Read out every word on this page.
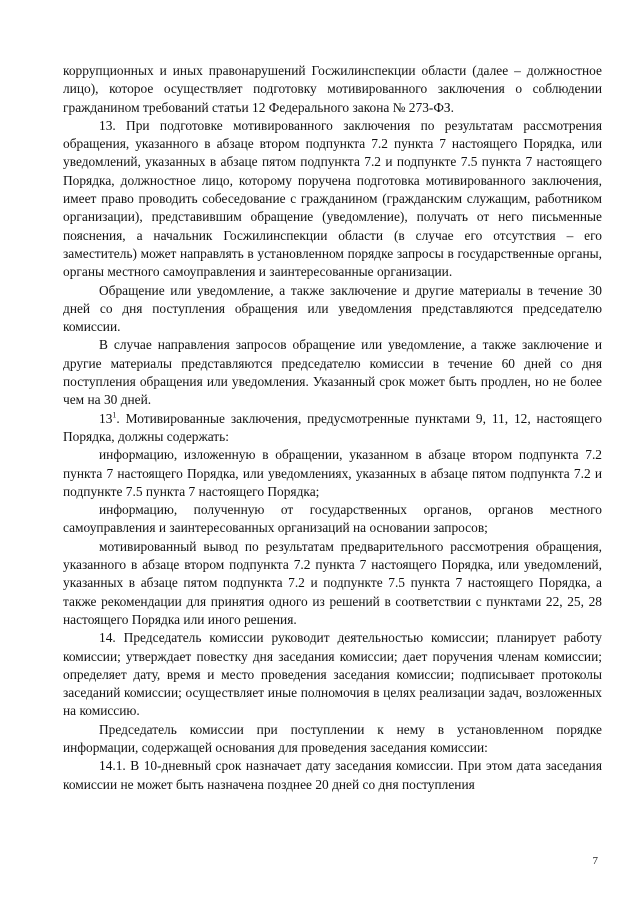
коррупционных и иных правонарушений Госжилинспекции области (далее – должностное лицо), которое осуществляет подготовку мотивированного заключения о соблюдении гражданином требований статьи 12 Федерального закона № 273-ФЗ.

13. При подготовке мотивированного заключения по результатам рассмотрения обращения, указанного в абзаце втором подпункта 7.2 пункта 7 настоящего Порядка, или уведомлений, указанных в абзаце пятом подпункта 7.2 и подпункте 7.5 пункта 7 настоящего Порядка, должностное лицо, которому поручена подготовка мотивированного заключения, имеет право проводить собеседование с гражданином (гражданским служащим, работником организации), представившим обращение (уведомление), получать от него письменные пояснения, а начальник Госжилинспекции области (в случае его отсутствия – его заместитель) может направлять в установленном порядке запросы в государственные органы, органы местного самоуправления и заинтересованные организации.

Обращение или уведомление, а также заключение и другие материалы в течение 30 дней со дня поступления обращения или уведомления представляются председателю комиссии.

В случае направления запросов обращение или уведомление, а также заключение и другие материалы представляются председателю комиссии в течение 60 дней со дня поступления обращения или уведомления. Указанный срок может быть продлен, но не более чем на 30 дней.

$13^1$. Мотивированные заключения, предусмотренные пунктами 9, 11, 12, настоящего Порядка, должны содержать:

информацию, изложенную в обращении, указанном в абзаце втором подпункта 7.2 пункта 7 настоящего Порядка, или уведомлениях, указанных в абзаце пятом подпункта 7.2 и подпункте 7.5 пункта 7 настоящего Порядка;

информацию, полученную от государственных органов, органов местного самоуправления и заинтересованных организаций на основании запросов;

мотивированный вывод по результатам предварительного рассмотрения обращения, указанного в абзаце втором подпункта 7.2 пункта 7 настоящего Порядка, или уведомлений, указанных в абзаце пятом подпункта 7.2 и подпункте 7.5 пункта 7 настоящего Порядка, а также рекомендации для принятия одного из решений в соответствии с пунктами 22, 25, 28 настоящего Порядка или иного решения.

14. Председатель комиссии руководит деятельностью комиссии; планирует работу комиссии; утверждает повестку дня заседания комиссии; дает поручения членам комиссии; определяет дату, время и место проведения заседания комиссии; подписывает протоколы заседаний комиссии; осуществляет иные полномочия в целях реализации задач, возложенных на комиссию.

Председатель комиссии при поступлении к нему в установленном порядке информации, содержащей основания для проведения заседания комиссии:

14.1. В 10-дневный срок назначает дату заседания комиссии. При этом дата заседания комиссии не может быть назначена позднее 20 дней со дня поступления

7
